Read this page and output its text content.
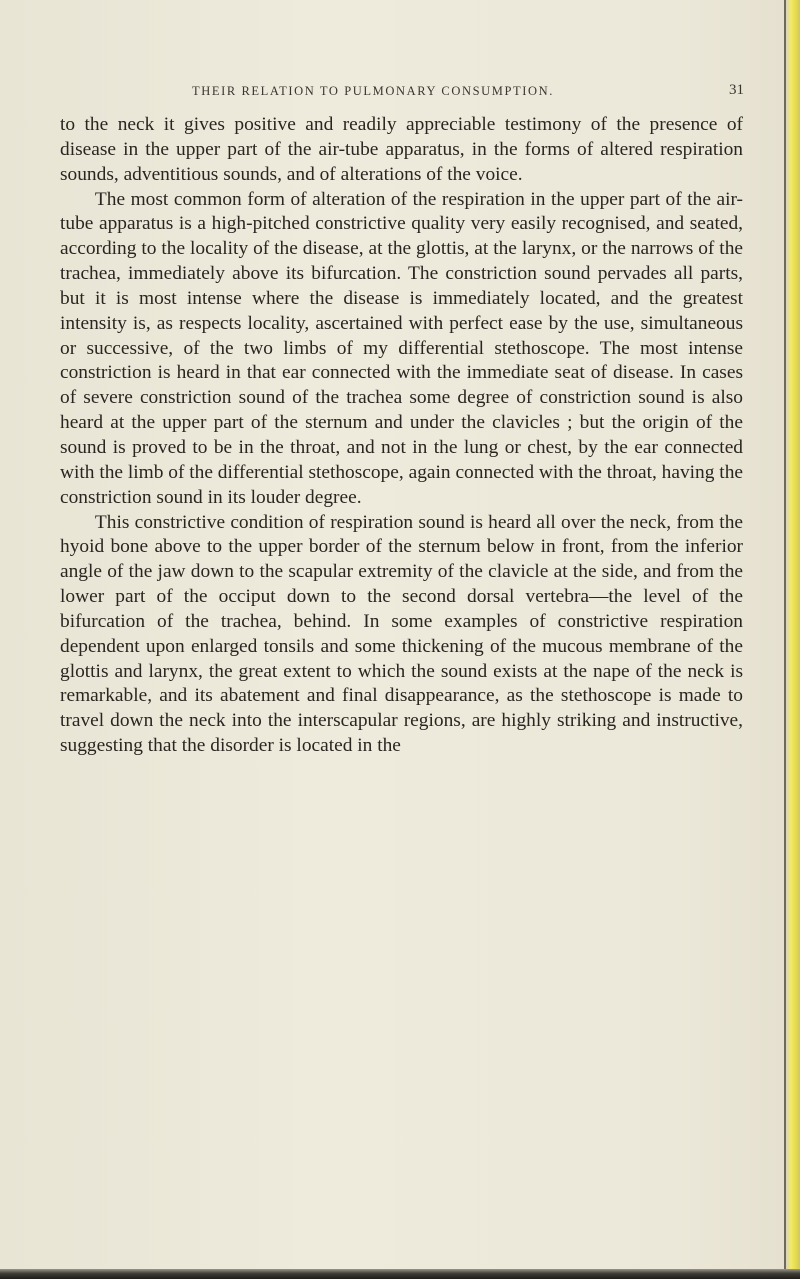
THEIR RELATION TO PULMONARY CONSUMPTION.	31

to the neck it gives positive and readily appreciable testimony of the presence of disease in the upper part of the air-tube apparatus, in the forms of altered respiration sounds, adventitious sounds, and of alterations of the voice.

The most common form of alteration of the respiration in the upper part of the air-tube apparatus is a high-pitched constrictive quality very easily recognised, and seated, according to the locality of the disease, at the glottis, at the larynx, or the narrows of the trachea, immediately above its bifurcation. The constriction sound pervades all parts, but it is most intense where the disease is immediately located, and the greatest intensity is, as respects locality, ascertained with perfect ease by the use, simultaneous or successive, of the two limbs of my differential stethoscope. The most intense constriction is heard in that ear connected with the immediate seat of disease. In cases of severe constriction sound of the trachea some degree of constriction sound is also heard at the upper part of the sternum and under the clavicles ; but the origin of the sound is proved to be in the throat, and not in the lung or chest, by the ear connected with the limb of the differential stethoscope, again connected with the throat, having the constriction sound in its louder degree.

This constrictive condition of respiration sound is heard all over the neck, from the hyoid bone above to the upper border of the sternum below in front, from the inferior angle of the jaw down to the scapular extremity of the clavicle at the side, and from the lower part of the occiput down to the second dorsal vertebra—the level of the bifurcation of the trachea, behind. In some examples of constrictive respiration dependent upon enlarged tonsils and some thickening of the mucous membrane of the glottis and larynx, the great extent to which the sound exists at the nape of the neck is remarkable, and its abatement and final disappearance, as the stethoscope is made to travel down the neck into the interscapular regions, are highly striking and instructive, suggesting that the disorder is located in the
